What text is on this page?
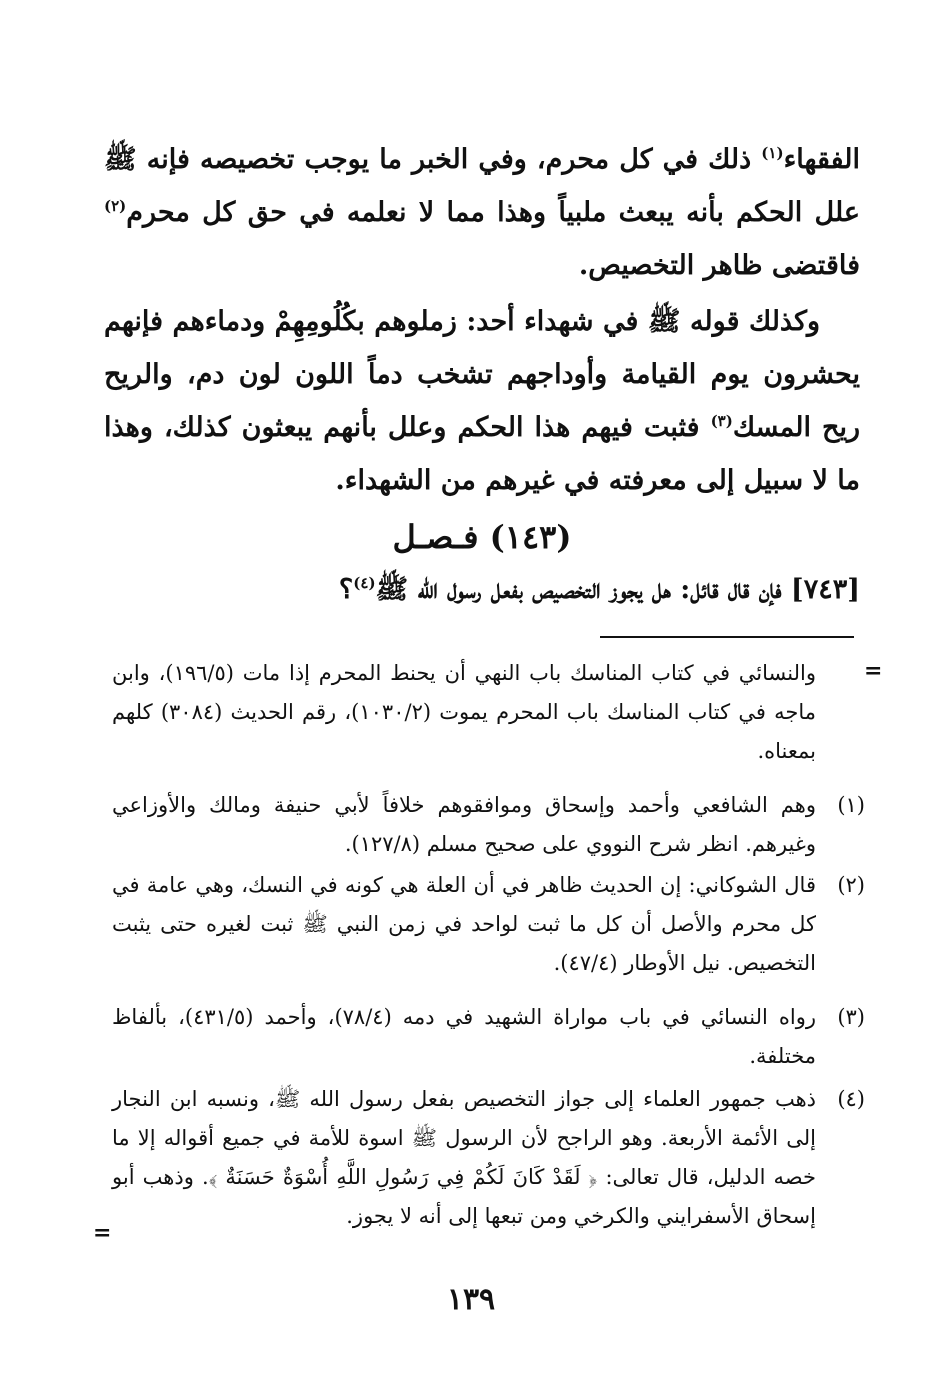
الفقهاء$^{(١)}$ ذلك في كل محرم، وفي الخبر ما يوجب تخصيصه فإنه ﷺ علل الحكم بأنه يبعث ملبياً وهذا مما لا نعلمه في حق كل محرم$^{(٢)}$ فاقتضى ظاهر التخصيص.
وكذلك قوله ﷺ في شهداء أحد: زملوهم بكُلُومِهِمْ ودماءهم فإنهم يحشرون يوم القيامة وأوداجهم تشخب دماً اللون لون دم، والريح ريح المسك$^{(٣)}$ فثبت فيهم هذا الحكم وعلل بأنهم يبعثون كذلك، وهذا ما لا سبيل إلى معرفته في غيرهم من الشهداء.
(١٤٣) فـصـل
[٧٤٣] فإن قال قائل: هل يجوز التخصيص بفعل رسول الله ﷺ$^{(٤)}$؟
=
والنسائي في كتاب المناسك باب النهي أن يحنط المحرم إذا مات (١٩٦/٥)، وابن ماجه في كتاب المناسك باب المحرم يموت (١٠٣٠/٢)، رقم الحديث (٣٠٨٤) كلهم بمعناه.
(١)
وهم الشافعي وأحمد وإسحاق وموافقوهم خلافاً لأبي حنيفة ومالك والأوزاعي وغيرهم. انظر شرح النووي على صحيح مسلم (١٢٧/٨).
(٢)
قال الشوكاني: إن الحديث ظاهر في أن العلة هي كونه في النسك، وهي عامة في كل محرم والأصل أن كل ما ثبت لواحد في زمن النبي ﷺ ثبت لغيره حتى يثبت التخصيص. نيل الأوطار (٤٧/٤).
(٣)
رواه النسائي في باب مواراة الشهيد في دمه (٧٨/٤)، وأحمد (٤٣١/٥)، بألفاظ مختلفة.
(٤)
ذهب جمهور العلماء إلى جواز التخصيص بفعل رسول الله ﷺ، ونسبه ابن النجار إلى الأئمة الأربعة. وهو الراجح لأن الرسول ﷺ اسوة للأمة في جميع أقواله إلا ما خصه الدليل، قال تعالى: ﴿ لَقَدْ كَانَ لَكُمْ فِي رَسُولِ اللَّهِ أُسْوَةٌ حَسَنَةٌ ﴾. وذهب أبو إسحاق الأسفرايني والكرخي ومن تبعها إلى أنه لا يجوز.
=
١٣٩
